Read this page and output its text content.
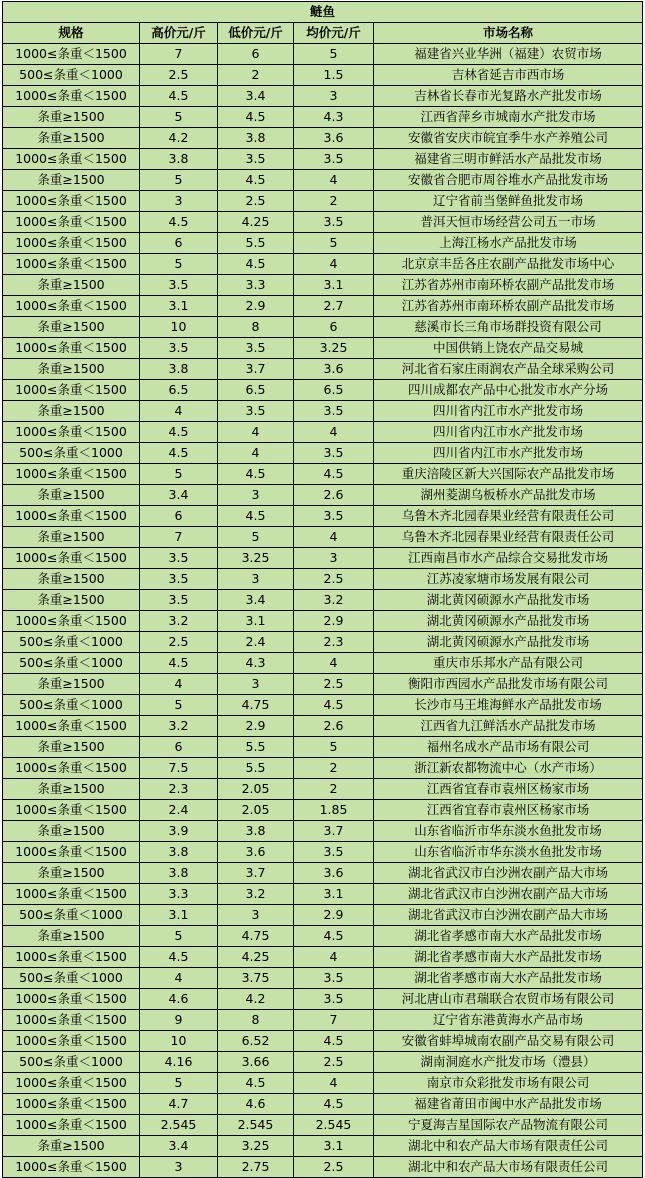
鲢鱼				
规格	高价元/斤	低价元/斤	均价元/斤	市场名称
1000≤条重＜1500	7	6	5	福建省兴业华洲（福建）农贸市场
500≤条重＜1000	2.5	2	1.5	吉林省延吉市西市场
1000≤条重＜1500	4.5	3.4	3	吉林省长春市光复路水产批发市场
条重≥1500	5	4.5	4.3	江西省萍乡市城南水产批发市场
条重≥1500	4.2	3.8	3.6	安徽省安庆市皖宜季牛水产养殖公司
1000≤条重＜1500	3.8	3.5	3.5	福建省三明市鲜活水产品批发市场
条重≥1500	5	4.5	4	安徽省合肥市周谷堆水产品批发市场
1000≤条重＜1500	3	2.5	2	辽宁省前当堡鲜鱼批发市场
1000≤条重＜1500	4.5	4.25	3.5	普洱天恒市场经营公司五一市场
1000≤条重＜1500	6	5.5	5	上海江杨水产品批发市场
1000≤条重＜1500	5	4.5	4	北京京丰岳各庄农副产品批发市场中心
条重≥1500	3.5	3.3	3.1	江苏省苏州市南环桥农副产品批发市场
1000≤条重＜1500	3.1	2.9	2.7	江苏省苏州市南环桥农副产品批发市场
条重≥1500	10	8	6	慈溪市长三角市场群投资有限公司
1000≤条重＜1500	3.5	3.5	3.25	中国供销上饶农产品交易城
条重≥1500	3.8	3.7	3.6	河北省石家庄雨润农产品全球采购公司
1000≤条重＜1500	6.5	6.5	6.5	四川成都农产品中心批发市水产分场
条重≥1500	4	3.5	3.5	四川省内江市水产批发市场
1000≤条重＜1500	4.5	4	4	四川省内江市水产批发市场
500≤条重＜1000	4.5	4	3.5	四川省内江市水产批发市场
1000≤条重＜1500	5	4.5	4.5	重庆涪陵区新大兴国际农产品批发市场
条重≥1500	3.4	3	2.6	湖州菱湖乌板桥水产品批发市场
1000≤条重＜1500	6	4.5	3.5	乌鲁木齐北园春果业经营有限责任公司
条重≥1500	7	5	4	乌鲁木齐北园春果业经营有限责任公司
1000≤条重＜1500	3.5	3.25	3	江西南昌市水产品综合交易批发市场
条重≥1500	3.5	3	2.5	江苏凌家塘市场发展有限公司
条重≥1500	3.5	3.4	3.2	湖北黄冈硕源水产品批发市场
1000≤条重＜1500	3.2	3.1	2.9	湖北黄冈硕源水产品批发市场
500≤条重＜1000	2.5	2.4	2.3	湖北黄冈硕源水产品批发市场
500≤条重＜1000	4.5	4.3	4	重庆市乐邦水产品有限公司
条重≥1500	4	3	2.5	衡阳市西园水产品批发市场有限公司
500≤条重＜1000	5	4.75	4.5	长沙市马王堆海鲜水产品批发市场
1000≤条重＜1500	3.2	2.9	2.6	江西省九江鲜活水产品批发市场
条重≥1500	6	5.5	5	福州名成水产品市场有限公司
1000≤条重＜1500	7.5	5.5	2	浙江新农都物流中心（水产市场）
条重≥1500	2.3	2.05	2	江西省宜春市袁州区杨家市场
1000≤条重＜1500	2.4	2.05	1.85	江西省宜春市袁州区杨家市场
条重≥1500	3.9	3.8	3.7	山东省临沂市华东淡水鱼批发市场
1000≤条重＜1500	3.8	3.6	3.5	山东省临沂市华东淡水鱼批发市场
条重≥1500	3.8	3.7	3.6	湖北省武汉市白沙洲农副产品大市场
1000≤条重＜1500	3.3	3.2	3.1	湖北省武汉市白沙洲农副产品大市场
500≤条重＜1000	3.1	3	2.9	湖北省武汉市白沙洲农副产品大市场
条重≥1500	5	4.75	4.5	湖北省孝感市南大水产品批发市场
1000≤条重＜1500	4.5	4.25	4	湖北省孝感市南大水产品批发市场
500≤条重＜1000	4	3.75	3.5	湖北省孝感市南大水产品批发市场
1000≤条重＜1500	4.6	4.2	3.5	河北唐山市君瑞联合农贸市场有限公司
1000≤条重＜1500	9	8	7	辽宁省东港黄海水产品市场
1000≤条重＜1500	10	6.52	4.5	安徽省蚌埠城南农副产品交易有限公司
500≤条重＜1000	4.16	3.66	2.5	湖南洞庭水产批发市场（澧县）
1000≤条重＜1500	5	4.5	4	南京市众彩批发市场有限公司
1000≤条重＜1500	4.7	4.6	4.5	福建省莆田市闽中水产品批发市场
1000≤条重＜1500	2.545	2.545	2.545	宁夏海吉星国际农产品物流有限公司
条重≥1500	3.4	3.25	3.1	湖北中和农产品大市场有限责任公司
1000≤条重＜1500	3	2.75	2.5	湖北中和农产品大市场有限责任公司
